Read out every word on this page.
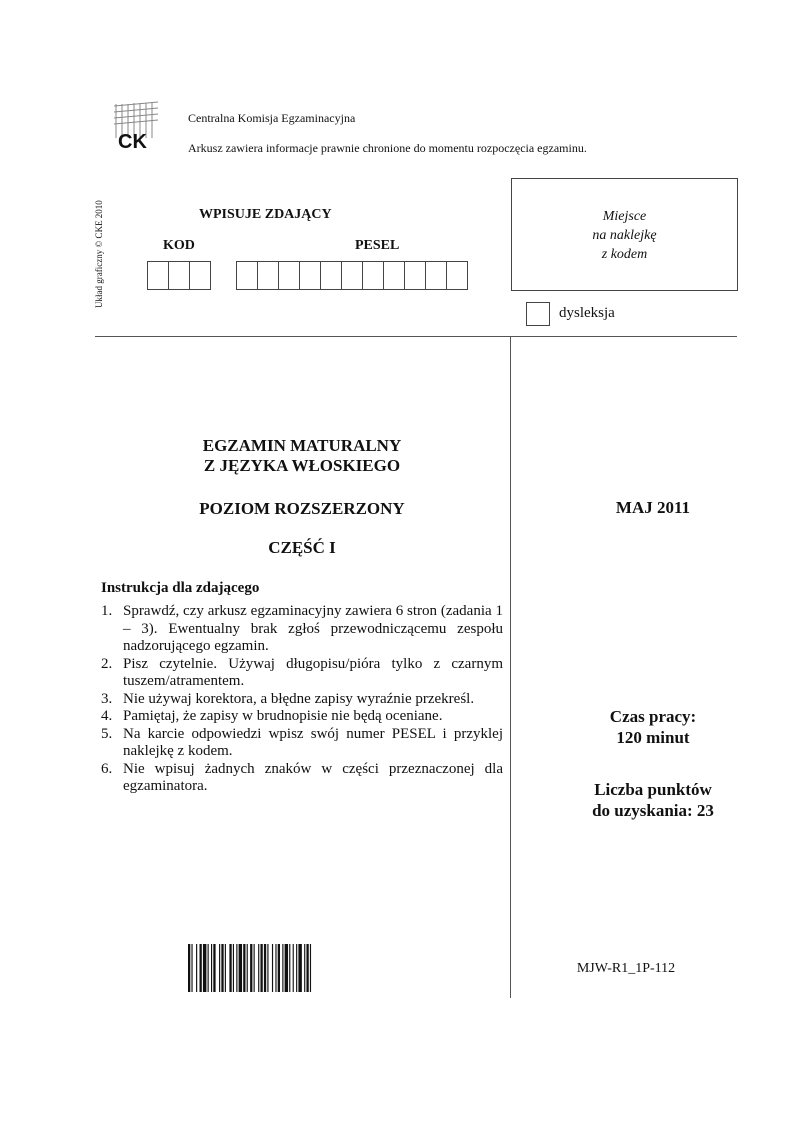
CK
Centralna Komisja Egzaminacyjna
Arkusz zawiera informacje prawnie chronione do momentu rozpoczęcia egzaminu.
Układ graficzny © CKE 2010	WPISUJE ZDAJĄCY
KOD	PESEL
Miejsce
na naklejkę
z kodem
dysleksja
EGZAMIN MATURALNY
Z JĘZYKA WŁOSKIEGO
POZIOM ROZSZERZONY
CZĘŚĆ I
Instrukcja dla zdającego
1. Sprawdź, czy arkusz egzaminacyjny zawiera 6 stron (zadania 1 – 3). Ewentualny brak zgłoś przewodniczącemu zespołu nadzorującego egzamin.
2. Pisz czytelnie. Używaj długopisu/pióra tylko z czarnym tuszem/atramentem.
3. Nie używaj korektora, a błędne zapisy wyraźnie przekreśl.
4. Pamiętaj, że zapisy w brudnopisie nie będą oceniane.
5. Na karcie odpowiedzi wpisz swój numer PESEL i przyklej naklejkę z kodem.
6. Nie wpisuj żadnych znaków w części przeznaczonej dla egzaminatora.
MAJ 2011
Czas pracy:
120 minut
Liczba punktów
do uzyskania: 23
MJW-R1_1P-112
